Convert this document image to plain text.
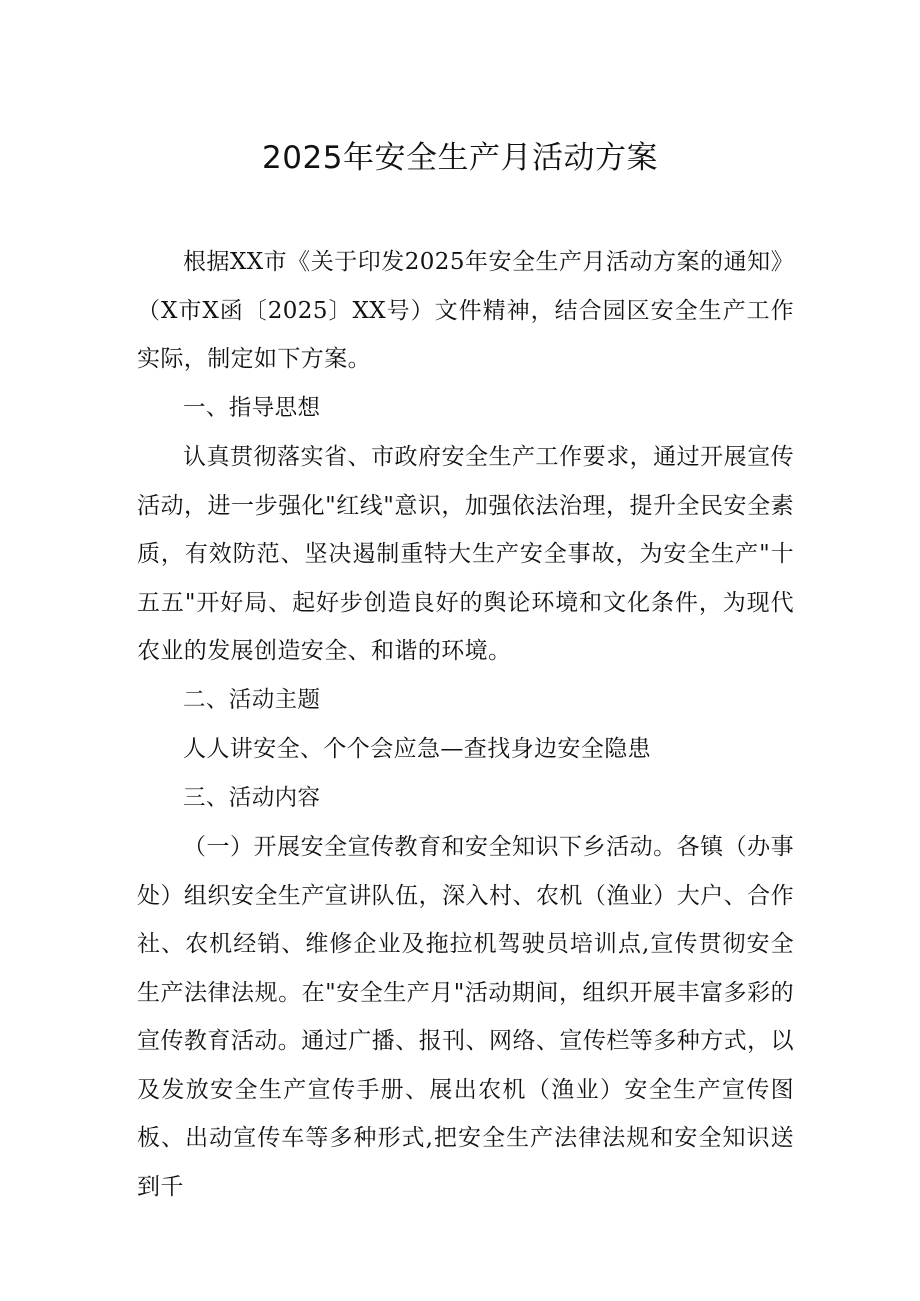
2025年安全生产月活动方案

根据XX市《关于印发2025年安全生产月活动方案的通知》（X市X函〔2025〕XX号）文件精神，结合园区安全生产工作实际，制定如下方案。

一、指导思想

认真贯彻落实省、市政府安全生产工作要求，通过开展宣传活动，进一步强化"红线"意识，加强依法治理，提升全民安全素质，有效防范、坚决遏制重特大生产安全事故，为安全生产"十五五"开好局、起好步创造良好的舆论环境和文化条件，为现代农业的发展创造安全、和谐的环境。

二、活动主题

人人讲安全、个个会应急—查找身边安全隐患

三、活动内容

（一）开展安全宣传教育和安全知识下乡活动。各镇（办事处）组织安全生产宣讲队伍，深入村、农机（渔业）大户、合作社、农机经销、维修企业及拖拉机驾驶员培训点,宣传贯彻安全生产法律法规。在"安全生产月"活动期间，组织开展丰富多彩的宣传教育活动。通过广播、报刊、网络、宣传栏等多种方式，以及发放安全生产宣传手册、展出农机（渔业）安全生产宣传图板、出动宣传车等多种形式,把安全生产法律法规和安全知识送到千
